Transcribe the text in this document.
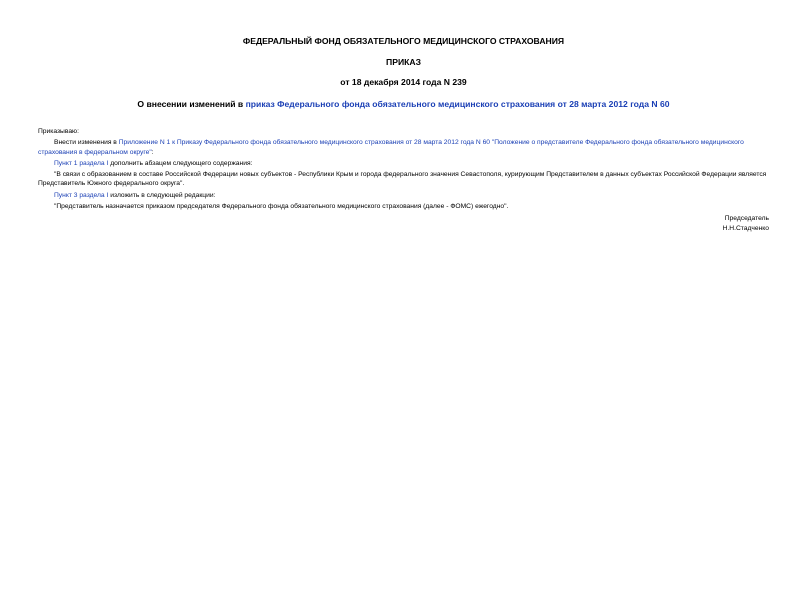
ФЕДЕРАЛЬНЫЙ ФОНД ОБЯЗАТЕЛЬНОГО МЕДИЦИНСКОГО СТРАХОВАНИЯ
ПРИКАЗ
от 18 декабря 2014 года N 239
О внесении изменений в приказ Федерального фонда обязательного медицинского страхования от 28 марта 2012 года N 60
Приказываю:
Внести изменения в Приложение N 1 к Приказу Федерального фонда обязательного медицинского страхования от 28 марта 2012 года N 60 "Положение о представителе Федерального фонда обязательного медицинского страхования в федеральном округе":
Пункт 1 раздела I дополнить абзацем следующего содержания:
"В связи с образованием в составе Российской Федерации новых субъектов - Республики Крым и города федерального значения Севастополя, курирующим Представителем в данных субъектах Российской Федерации является Представитель Южного федерального округа".
Пункт 3 раздела I изложить в следующей редакции:
"Представитель назначается приказом председателя Федерального фонда обязательного медицинского страхования (далее - ФОМС) ежегодно".
Председатель
Н.Н.Стадченко
